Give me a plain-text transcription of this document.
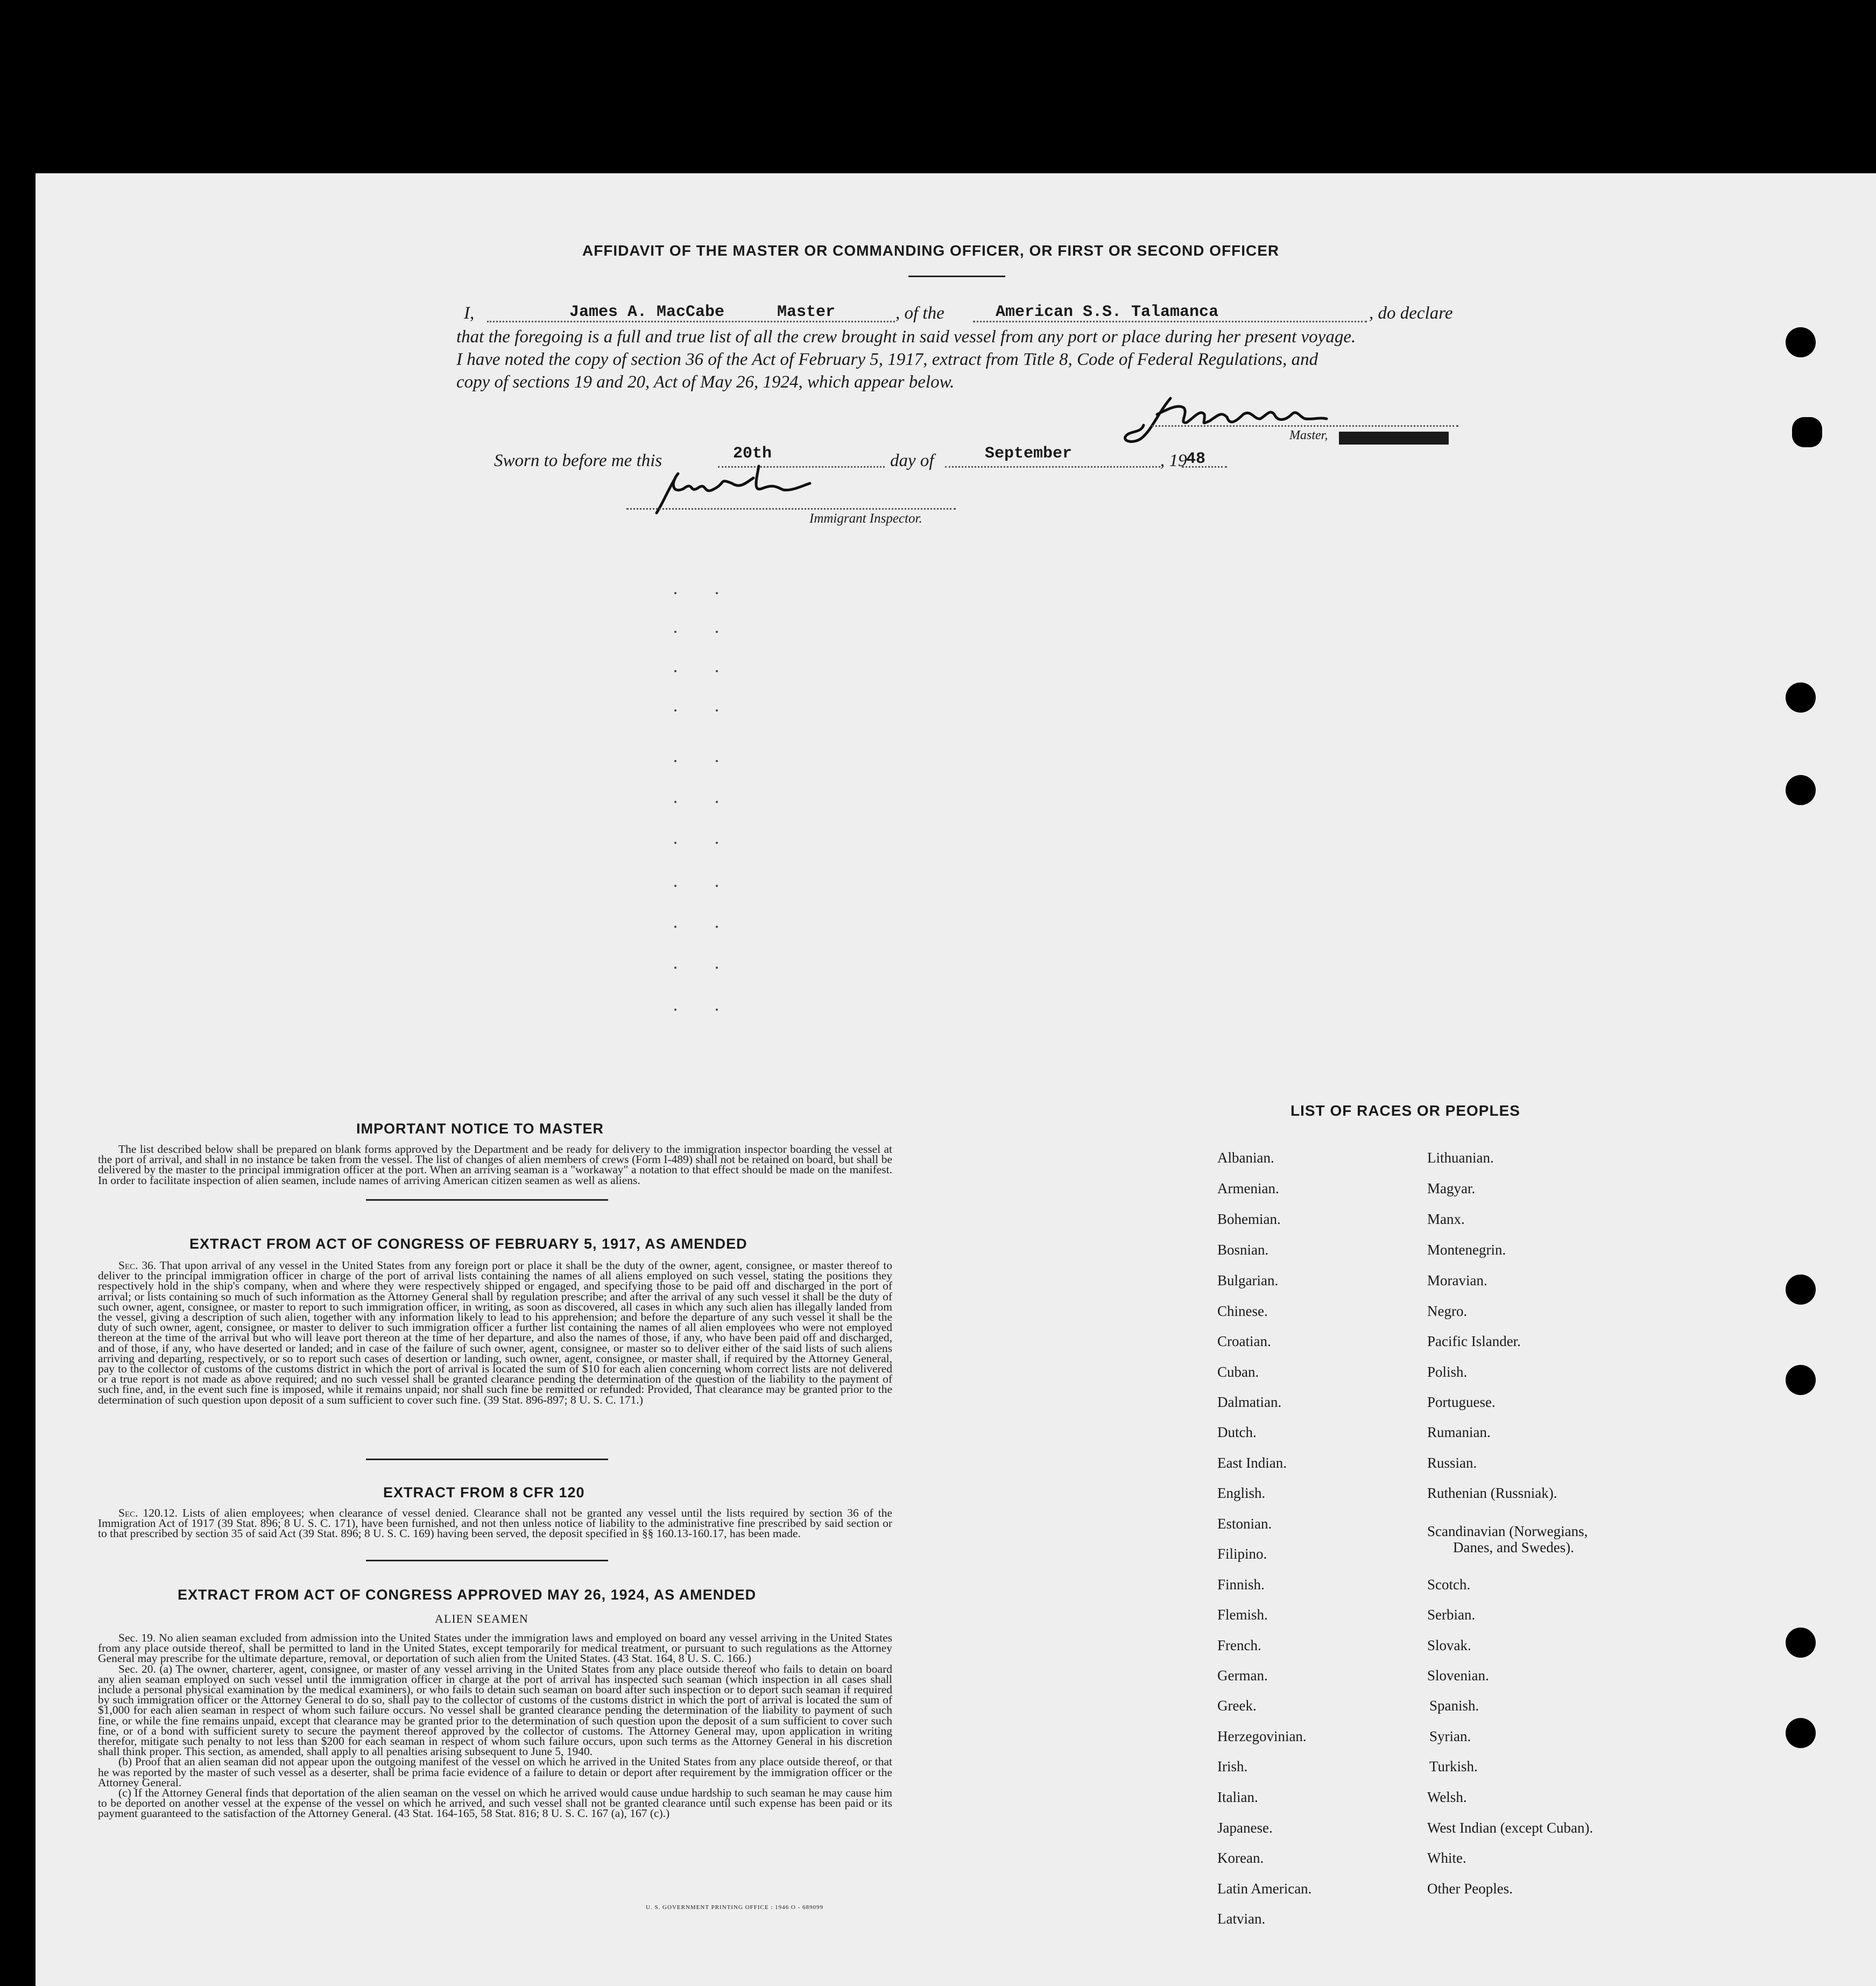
AFFIDAVIT OF THE MASTER OR COMMANDING OFFICER, OR FIRST OR SECOND OFFICER
I,	James A. MacCabe	Master	, of the	American S.S. Talamanca	, do declare
that the foregoing is a full and true list of all the crew brought in said vessel from any port or place during her present voyage.
I have noted the copy of section 36 of the Act of February 5, 1917, extract from Title 8, Code of Federal Regulations, and
copy of sections 19 and 20, Act of May 26, 1924, which appear below.
Master,
Sworn to before me this	20th	day of	September	, 19
48
Immigrant Inspector.
IMPORTANT NOTICE TO MASTER

The list described below shall be prepared on blank forms approved by the Department and be ready for delivery to the immigration inspector boarding the vessel at the port of arrival, and shall in no instance be taken from the vessel. The list of changes of alien members of crews (Form I-489) shall not be retained on board, but shall be delivered by the master to the principal immigration officer at the port. When an arriving seaman is a "workaway" a notation to that effect should be made on the manifest. In order to facilitate inspection of alien seamen, include names of arriving American citizen seamen as well as aliens.

EXTRACT FROM ACT OF CONGRESS OF FEBRUARY 5, 1917, AS AMENDED

Sec. 36. That upon arrival of any vessel in the United States from any foreign port or place it shall be the duty of the owner, agent, consignee, or master thereof to deliver to the principal immigration officer in charge of the port of arrival lists containing the names of all aliens employed on such vessel, stating the positions they respectively hold in the ship's company, when and where they were respectively shipped or engaged, and specifying those to be paid off and discharged in the port of arrival; or lists containing so much of such information as the Attorney General shall by regulation prescribe; and after the arrival of any such vessel it shall be the duty of such owner, agent, consignee, or master to report to such immigration officer, in writing, as soon as discovered, all cases in which any such alien has illegally landed from the vessel, giving a description of such alien, together with any information likely to lead to his apprehension; and before the departure of any such vessel it shall be the duty of such owner, agent, consignee, or master to deliver to such immigration officer a further list containing the names of all alien employees who were not employed thereon at the time of the arrival but who will leave port thereon at the time of her departure, and also the names of those, if any, who have been paid off and discharged, and of those, if any, who have deserted or landed; and in case of the failure of such owner, agent, consignee, or master so to deliver either of the said lists of such aliens arriving and departing, respectively, or so to report such cases of desertion or landing, such owner, agent, consignee, or master shall, if required by the Attorney General, pay to the collector of customs of the customs district in which the port of arrival is located the sum of $10 for each alien concerning whom correct lists are not delivered or a true report is not made as above required; and no such vessel shall be granted clearance pending the determination of the question of the liability to the payment of such fine, and, in the event such fine is imposed, while it remains unpaid; nor shall such fine be remitted or refunded: Provided, That clearance may be granted prior to the determination of such question upon deposit of a sum sufficient to cover such fine. (39 Stat. 896-897; 8 U. S. C. 171.)

EXTRACT FROM 8 CFR 120

Sec. 120.12. Lists of alien employees; when clearance of vessel denied. Clearance shall not be granted any vessel until the lists required by section 36 of the Immigration Act of 1917 (39 Stat. 896; 8 U. S. C. 171), have been furnished, and not then unless notice of liability to the administrative fine prescribed by said section or to that prescribed by section 35 of said Act (39 Stat. 896; 8 U. S. C. 169) having been served, the deposit specified in §§ 160.13-160.17, has been made.

EXTRACT FROM ACT OF CONGRESS APPROVED MAY 26, 1924, AS AMENDED
ALIEN SEAMEN

Sec. 19. No alien seaman excluded from admission into the United States under the immigration laws and employed on board any vessel arriving in the United States from any place outside thereof, shall be permitted to land in the United States, except temporarily for medical treatment, or pursuant to such regulations as the Attorney General may prescribe for the ultimate departure, removal, or deportation of such alien from the United States. (43 Stat. 164, 8 U. S. C. 166.)

Sec. 20. (a) The owner, charterer, agent, consignee, or master of any vessel arriving in the United States from any place outside thereof who fails to detain on board any alien seaman employed on such vessel until the immigration officer in charge at the port of arrival has inspected such seaman (which inspection in all cases shall include a personal physical examination by the medical examiners), or who fails to detain such seaman on board after such inspection or to deport such seaman if required by such immigration officer or the Attorney General to do so, shall pay to the collector of customs of the customs district in which the port of arrival is located the sum of $1,000 for each alien seaman in respect of whom such failure occurs. No vessel shall be granted clearance pending the determination of the liability to payment of such fine, or while the fine remains unpaid, except that clearance may be granted prior to the determination of such question upon the deposit of a sum sufficient to cover such fine, or of a bond with sufficient surety to secure the payment thereof approved by the collector of customs. The Attorney General may, upon application in writing therefor, mitigate such penalty to not less than $200 for each seaman in respect of whom such failure occurs, upon such terms as the Attorney General in his discretion shall think proper. This section, as amended, shall apply to all penalties arising subsequent to June 5, 1940.

(b) Proof that an alien seaman did not appear upon the outgoing manifest of the vessel on which he arrived in the United States from any place outside thereof, or that he was reported by the master of such vessel as a deserter, shall be prima facie evidence of a failure to detain or deport after requirement by the immigration officer or the Attorney General.

(c) If the Attorney General finds that deportation of the alien seaman on the vessel on which he arrived would cause undue hardship to such seaman he may cause him to be deported on another vessel at the expense of the vessel on which he arrived, and such vessel shall not be granted clearance until such expense has been paid or its payment guaranteed to the satisfaction of the Attorney General. (43 Stat. 164-165, 58 Stat. 816; 8 U. S. C. 167 (a), 167 (c).)

U. S. GOVERNMENT PRINTING OFFICE : 1946 O - 689099
LIST OF RACES OR PEOPLES
Albanian.
Armenian.
Bohemian.
Bosnian.
Bulgarian.
Chinese.
Croatian.
Cuban.
Dalmatian.
Dutch.
East Indian.
English.
Estonian.
Filipino.
Finnish.
Flemish.
French.
German.
Greek.
Herzegovinian.
Irish.
Italian.
Japanese.
Korean.
Latin American.
Latvian.
Lithuanian.
Magyar.
Manx.
Montenegrin.
Moravian.
Negro.
Pacific Islander.
Polish.
Portuguese.
Rumanian.
Russian.
Ruthenian (Russniak).
Scandinavian (Norwegians,
Danes, and Swedes).
Scotch.
Serbian.
Slovak.
Slovenian.
Spanish.
Syrian.
Turkish.
Welsh.
West Indian (except Cuban).
White.
Other Peoples.
